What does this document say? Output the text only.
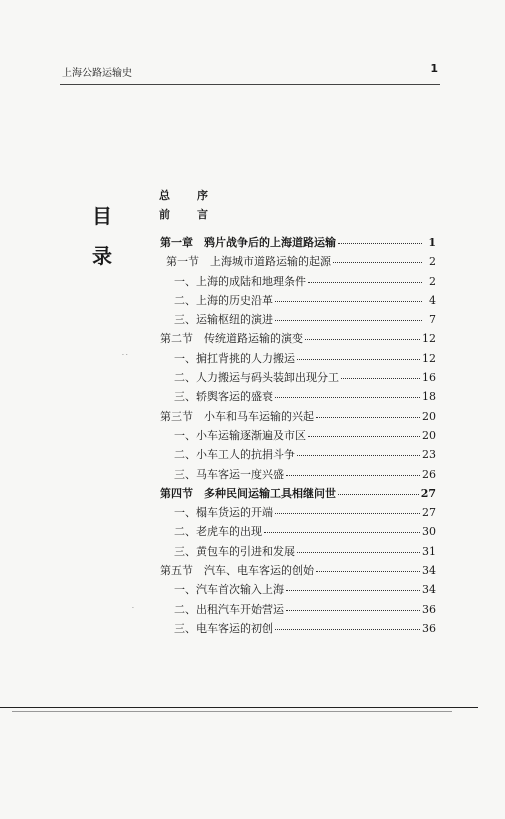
上海公路运输史	1
目
录
总　序
前　言
第一章　鸦片战争后的上海道路运输	1
第一节　上海城市道路运输的起源	2
一、上海的成陆和地理条件	2
二、上海的历史沿革	4
三、运输枢纽的演进	7
第二节　传统道路运输的演变	12
一、掮扛背挑的人力搬运	12
二、人力搬运与码头装卸出现分工	16
三、轿舆客运的盛衰	18
第三节　小车和马车运输的兴起	20
一、小车运输逐渐遍及市区	20
二、小车工人的抗捐斗争	23
三、马车客运一度兴盛	26
第四节　多种民间运输工具相继问世	27
一、榻车货运的开端	27
二、老虎车的出现	30
三、黄包车的引进和发展	31
第五节　汽车、电车客运的创始	34
一、汽车首次输入上海	34
二、出租汽车开始营运	36
三、电车客运的初创	36
· ·
·
